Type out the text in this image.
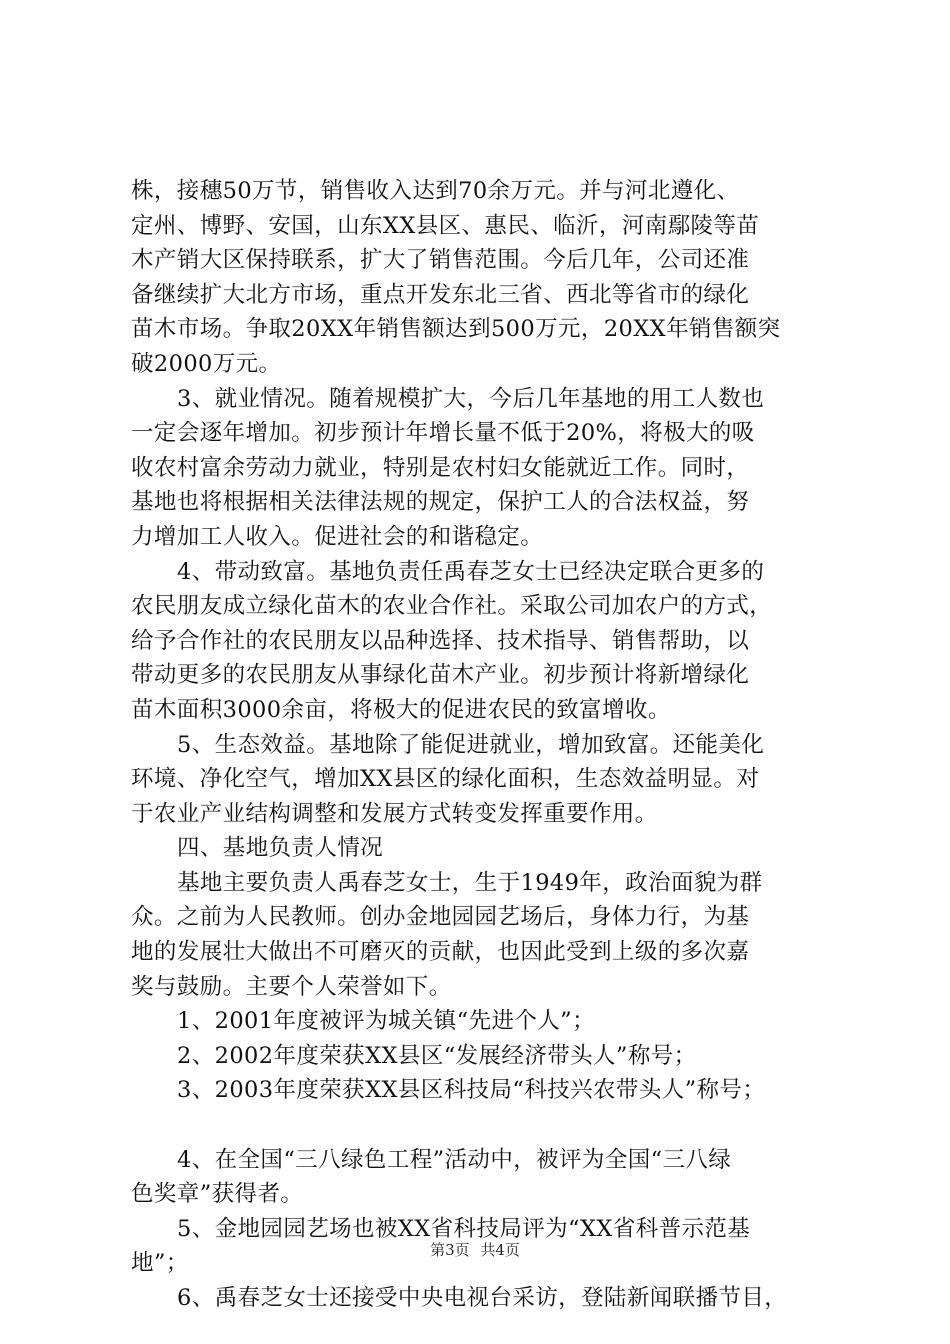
株，接穗50万节，销售收入达到70余万元。并与河北遵化、
定州、博野、安国，山东XX县区、惠民、临沂，河南鄢陵等苗
木产销大区保持联系，扩大了销售范围。今后几年，公司还准
备继续扩大北方市场，重点开发东北三省、西北等省市的绿化
苗木市场。争取20XX年销售额达到500万元，20XX年销售额突
破2000万元。
3、就业情况。随着规模扩大，今后几年基地的用工人数也
一定会逐年增加。初步预计年增长量不低于20%，将极大的吸
收农村富余劳动力就业，特别是农村妇女能就近工作。同时，
基地也将根据相关法律法规的规定，保护工人的合法权益，努
力增加工人收入。促进社会的和谐稳定。
4、带动致富。基地负责任禹春芝女士已经决定联合更多的
农民朋友成立绿化苗木的农业合作社。采取公司加农户的方式，
给予合作社的农民朋友以品种选择、技术指导、销售帮助，以
带动更多的农民朋友从事绿化苗木产业。初步预计将新增绿化
苗木面积3000余亩，将极大的促进农民的致富增收。
5、生态效益。基地除了能促进就业，增加致富。还能美化
环境、净化空气，增加XX县区的绿化面积，生态效益明显。对
于农业产业结构调整和发展方式转变发挥重要作用。
四、基地负责人情况
基地主要负责人禹春芝女士，生于1949年，政治面貌为群
众。之前为人民教师。创办金地园园艺场后，身体力行，为基
地的发展壮大做出不可磨灭的贡献，也因此受到上级的多次嘉
奖与鼓励。主要个人荣誉如下。
1、2001年度被评为城关镇“先进个人”；
2、2002年度荣获XX县区“发展经济带头人”称号；
3、2003年度荣获XX县区科技局“科技兴农带头人”称号；
4、在全国“三八绿色工程”活动中，被评为全国“三八绿
色奖章”获得者。
5、金地园园艺场也被XX省科技局评为“XX省科普示范基
地”；
6、禹春芝女士还接受中央电视台采访，登陆新闻联播节目，
第3页 共4页
